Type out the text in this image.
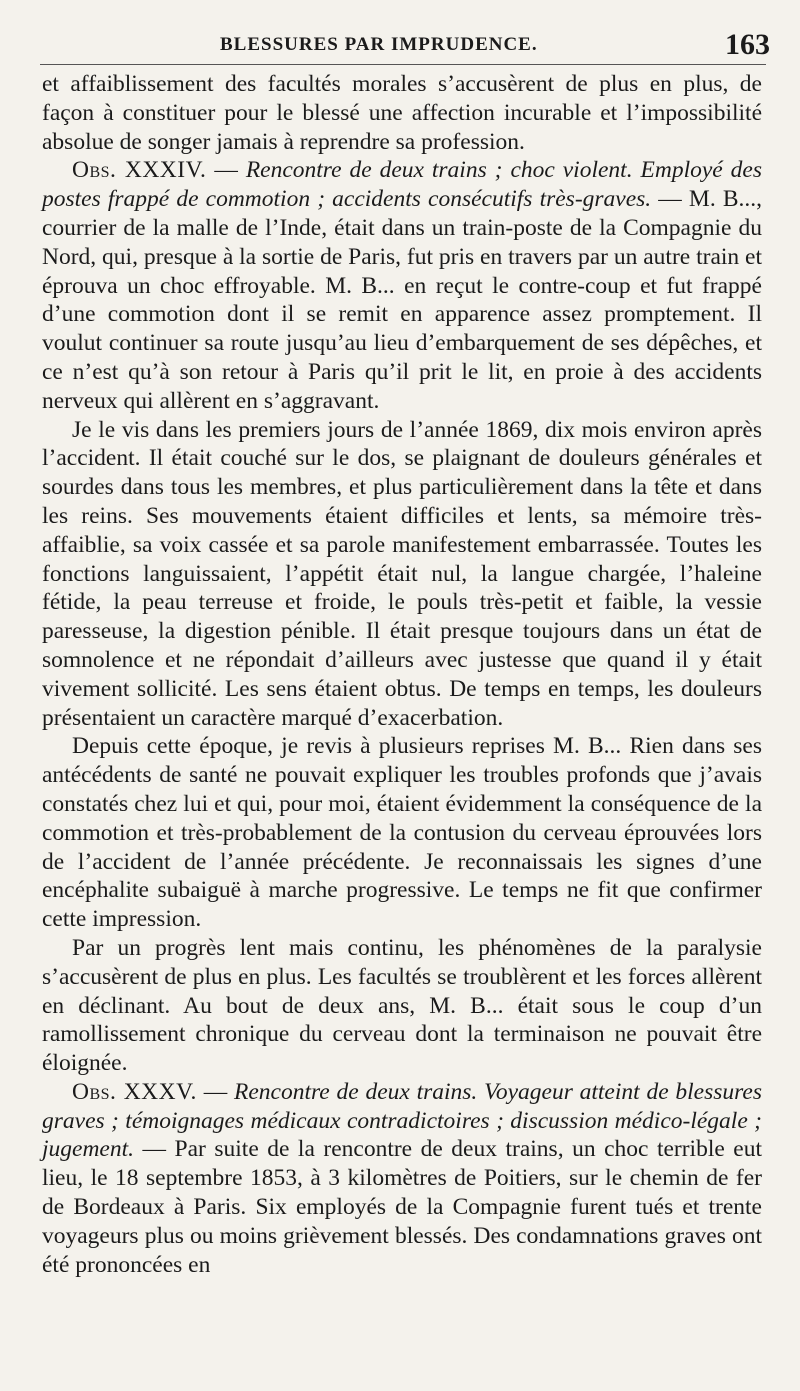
BLESSURES PAR IMPRUDENCE.	163

et affaiblissement des facultés morales s’accusèrent de plus en plus, de façon à constituer pour le blessé une affection incurable et l’impossibilité absolue de songer jamais à reprendre sa profession.

Obs. XXXIV. — Rencontre de deux trains ; choc violent. Employé des postes frappé de commotion ; accidents consécutifs très-graves. — M. B..., courrier de la malle de l’Inde, était dans un train-poste de la Compagnie du Nord, qui, presque à la sortie de Paris, fut pris en travers par un autre train et éprouva un choc effroyable. M. B... en reçut le contre-coup et fut frappé d’une commotion dont il se remit en apparence assez promptement. Il voulut continuer sa route jusqu’au lieu d’embarquement de ses dépêches, et ce n’est qu’à son retour à Paris qu’il prit le lit, en proie à des accidents nerveux qui allèrent en s’aggravant.

Je le vis dans les premiers jours de l’année 1869, dix mois environ après l’accident. Il était couché sur le dos, se plaignant de douleurs générales et sourdes dans tous les membres, et plus particulièrement dans la tête et dans les reins. Ses mouvements étaient difficiles et lents, sa mémoire très-affaiblie, sa voix cassée et sa parole manifestement embarrassée. Toutes les fonctions languissaient, l’appétit était nul, la langue chargée, l’haleine fétide, la peau terreuse et froide, le pouls très-petit et faible, la vessie paresseuse, la digestion pénible. Il était presque toujours dans un état de somnolence et ne répondait d’ailleurs avec justesse que quand il y était vivement sollicité. Les sens étaient obtus. De temps en temps, les douleurs présentaient un caractère marqué d’exacerbation.

Depuis cette époque, je revis à plusieurs reprises M. B... Rien dans ses antécédents de santé ne pouvait expliquer les troubles profonds que j’avais constatés chez lui et qui, pour moi, étaient évidemment la conséquence de la commotion et très-probablement de la contusion du cerveau éprouvées lors de l’accident de l’année précédente. Je reconnaissais les signes d’une encéphalite subaiguë à marche progressive. Le temps ne fit que confirmer cette impression.

Par un progrès lent mais continu, les phénomènes de la paralysie s’accusèrent de plus en plus. Les facultés se troublèrent et les forces allèrent en déclinant. Au bout de deux ans, M. B... était sous le coup d’un ramollissement chronique du cerveau dont la terminaison ne pouvait être éloignée.

Obs. XXXV. — Rencontre de deux trains. Voyageur atteint de blessures graves ; témoignages médicaux contradictoires ; discussion médico-légale ; jugement. — Par suite de la rencontre de deux trains, un choc terrible eut lieu, le 18 septembre 1853, à 3 kilomètres de Poitiers, sur le chemin de fer de Bordeaux à Paris. Six employés de la Compagnie furent tués et trente voyageurs plus ou moins grièvement blessés. Des condamnations graves ont été prononcées en
